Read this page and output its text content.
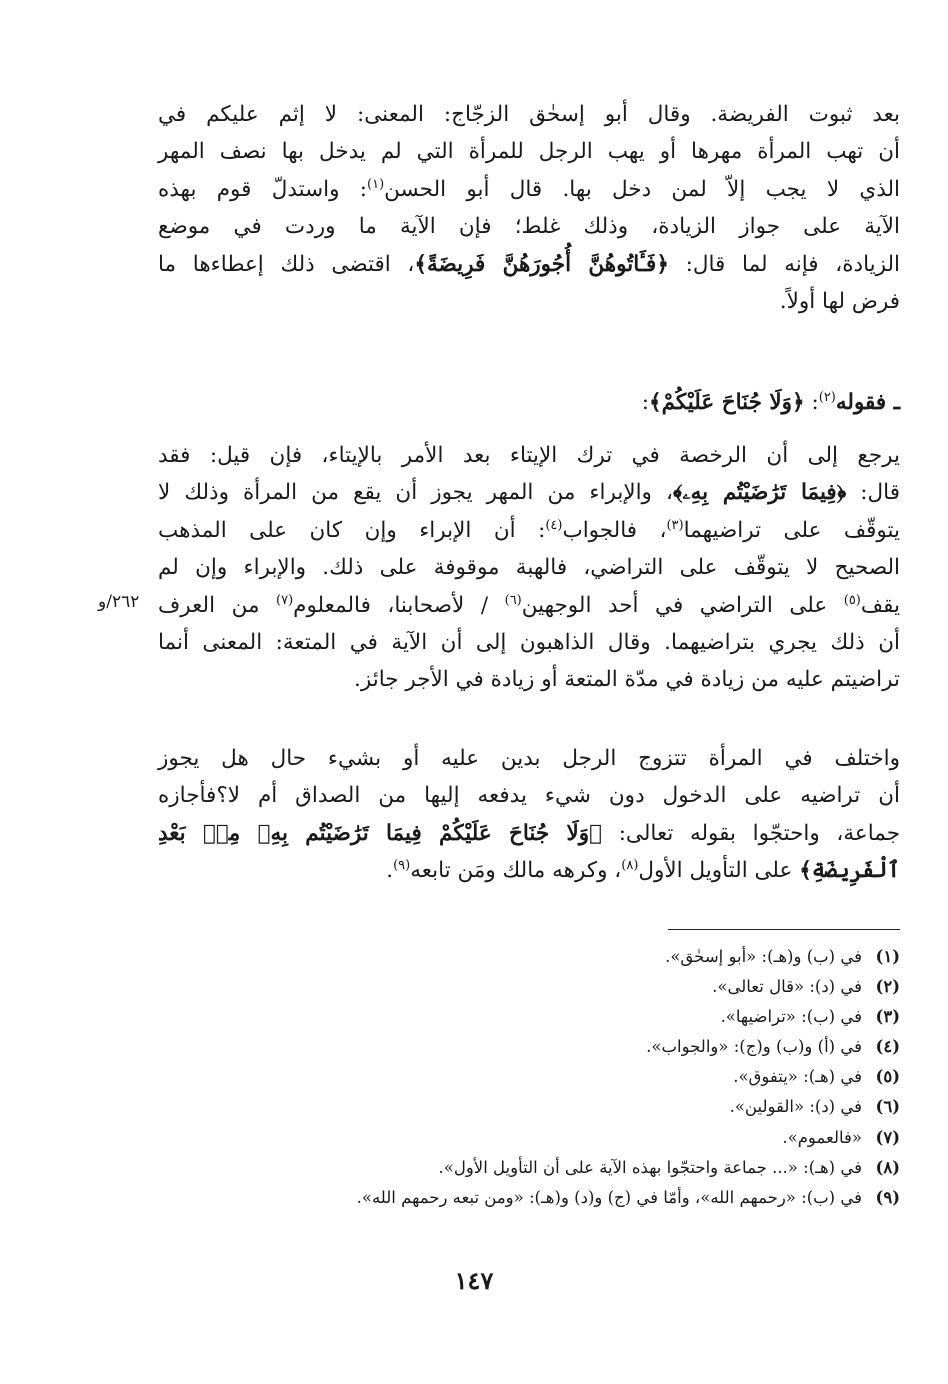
بعد ثبوت الفريضة. وقال أبو إسحٰق الزجّاج: المعنى: لا إثم عليكم في
أن تهب المرأة مهرها أو يهب الرجل للمرأة التي لم يدخل بها نصف المهر
الذي لا يجب إلاّ لمن دخل بها. قال أبو الحسن$^{(١)}$: واستدلّ قوم بهذه
الآية على جواز الزيادة، وذلك غلط؛ فإن الآية ما وردت في موضع
الزيادة، فإنه لما قال: ﴿فَـَٔاتُوهُنَّ أُجُورَهُنَّ فَرِيضَةً﴾، اقتضى ذلك إعطاءها ما
فرض لها أولاً.
ـ فقوله$^{(٢)}$: ﴿وَلَا جُنَاحَ عَلَيْكُمْ﴾:
يرجع إلى أن الرخصة في ترك الإيتاء بعد الأمر بالإيتاء، فإن قيل: فقد
قال: ﴿فِيمَا تَرَٰضَيْتُم بِهِۦ﴾، والإبراء من المهر يجوز أن يقع من المرأة وذلك لا
يتوقّف على تراضيهما$^{(٣)}$، فالجواب$^{(٤)}$: أن الإبراء وإن كان على المذهب
الصحيح لا يتوقّف على التراضي، فالهبة موقوفة على ذلك. والإبراء وإن لم
يقف$^{(٥)}$ على التراضي في أحد الوجهين$^{(٦)}$ / لأصحابنا، فالمعلوم$^{(٧)}$ من العرف
أن ذلك يجري بتراضيهما. وقال الذاهبون إلى أن الآية في المتعة: المعنى أنما
تراضيتم عليه من زيادة في مدّة المتعة أو زيادة في الأجر جائز.
٢٦٢/و
واختلف في المرأة تتزوج الرجل بدين عليه أو بشيء حال هل يجوز
أن تراضيه على الدخول دون شيء يدفعه إليها من الصداق أم لا؟فأجازه
جماعة، واحتجّوا بقوله تعالى: ﴿وَلَا جُنَاحَ عَلَيْكُمْ فِيمَا تَرَٰضَيْتُم بِهِۦ مِنۢ بَعْدِ
ٱلْفَرِيضَةِ﴾ على التأويل الأول$^{(٨)}$، وكرهه مالك ومَن تابعه$^{(٩)}$.
(١)
في (ب) و(هـ): «أبو إسحٰق».
(٢)
في (د): «قال تعالى».
(٣)
في (ب): «تراضيها».
(٤)
في (أ) و(ب) و(ج): «والجواب».
(٥)
في (هـ): «يتفوق».
(٦)
في (د): «القولين».
(٧)
«فالعموم».
(٨)
في (هـ): «... جماعة واحتجّوا بهذه الآية على أن التأويل الأول».
(٩)
في (ب): «رحمهم الله»، وأمّا في (ج) و(د) و(هـ): «ومن تبعه رحمهم الله».
١٤٧
